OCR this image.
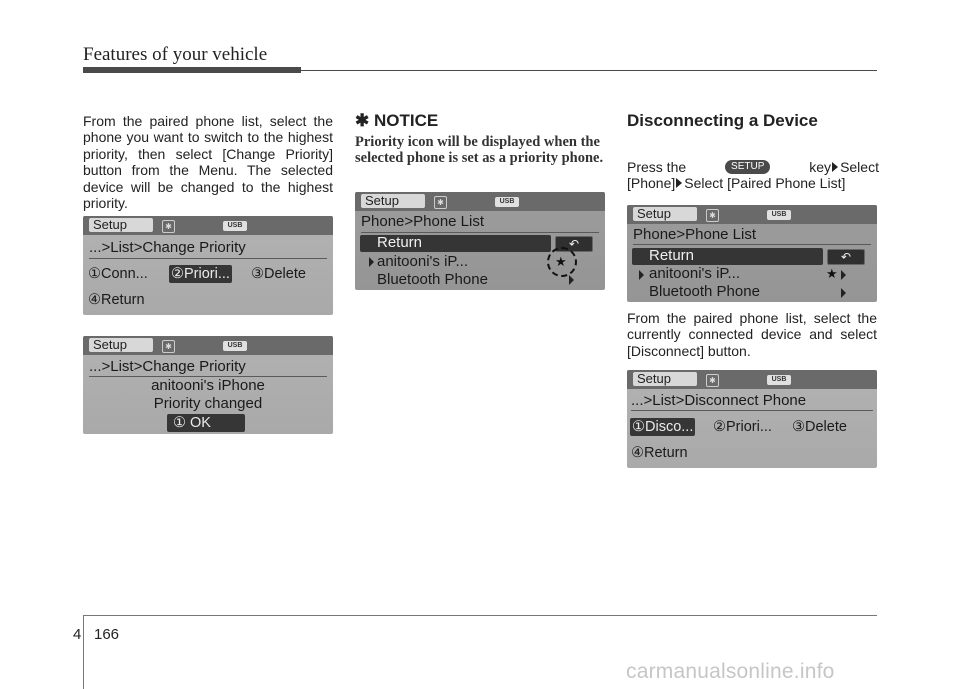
Features of your vehicle
From the paired phone list, select the phone you want to switch to the highest priority, then select [Change Priority] button from the Menu. The selected device will be changed to the highest priority.
Setup	✱	USB
...>List>Change Priority
①Conn... ②Priori... ③Delete
④Return
Setup	✱	USB
...>List>Change Priority
anitooni's iPhone
Priority changed
① OK
✱ NOTICE
Priority icon will be displayed when the selected phone is set as a priority phone.
Setup	✱	USB
Phone>Phone List
Return	↶
anitooni's iP...	★
Bluetooth Phone
Disconnecting a Device
Press the	SETUP	key Select
[Phone] Select [Paired Phone List]
Setup	✱	USB
Phone>Phone List
Return	↶
anitooni's iP...	★
Bluetooth Phone
From the paired phone list, select the currently connected device and select [Disconnect] button.
Setup	✱	USB
...>List>Disconnect Phone
①Disco... ②Priori... ③Delete
④Return
4 166
carmanualsonline.info
